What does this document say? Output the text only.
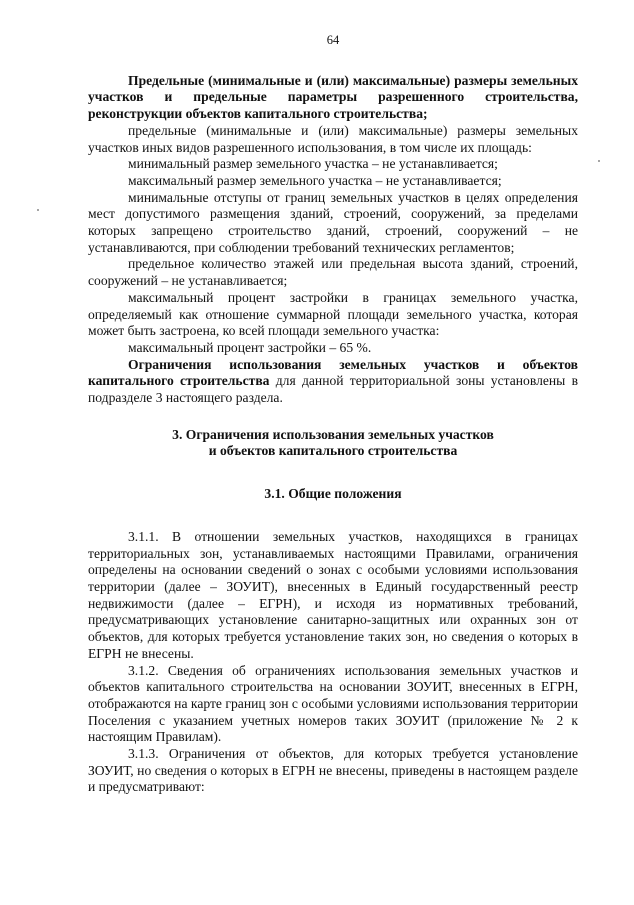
64

Предельные (минимальные и (или) максимальные) размеры земельных участков и предельные параметры разрешенного строительства, реконструкции объектов капитального строительства;

предельные (минимальные и (или) максимальные) размеры земельных участков иных видов разрешенного использования, в том числе их площадь:

минимальный размер земельного участка – не устанавливается;

максимальный размер земельного участка – не устанавливается;

минимальные отступы от границ земельных участков в целях определения мест допустимого размещения зданий, строений, сооружений, за пределами которых запрещено строительство зданий, строений, сооружений – не устанавливаются, при соблюдении требований технических регламентов;

предельное количество этажей или предельная высота зданий, строений, сооружений – не устанавливается;

максимальный процент застройки в границах земельного участка, определяемый как отношение суммарной площади земельного участка, которая может быть застроена, ко всей площади земельного участка:

максимальный процент застройки – 65 %.

Ограничения использования земельных участков и объектов капитального строительства для данной территориальной зоны установлены в подразделе 3 настоящего раздела.

3. Ограничения использования земельных участков
и объектов капитального строительства

3.1. Общие положения

3.1.1. В отношении земельных участков, находящихся в границах территориальных зон, устанавливаемых настоящими Правилами, ограничения определены на основании сведений о зонах с особыми условиями использования территории (далее – ЗОУИТ), внесенных в Единый государственный реестр недвижимости (далее – ЕГРН), и исходя из нормативных требований, предусматривающих установление санитарно-защитных или охранных зон от объектов, для которых требуется установление таких зон, но сведения о которых в ЕГРН не внесены.

3.1.2. Сведения об ограничениях использования земельных участков и объектов капитального строительства на основании ЗОУИТ, внесенных в ЕГРН, отображаются на карте границ зон с особыми условиями использования территории Поселения с указанием учетных номеров таких ЗОУИТ (приложение № 2 к настоящим Правилам).

3.1.3. Ограничения от объектов, для которых требуется установление ЗОУИТ, но сведения о которых в ЕГРН не внесены, приведены в настоящем разделе и предусматривают:
